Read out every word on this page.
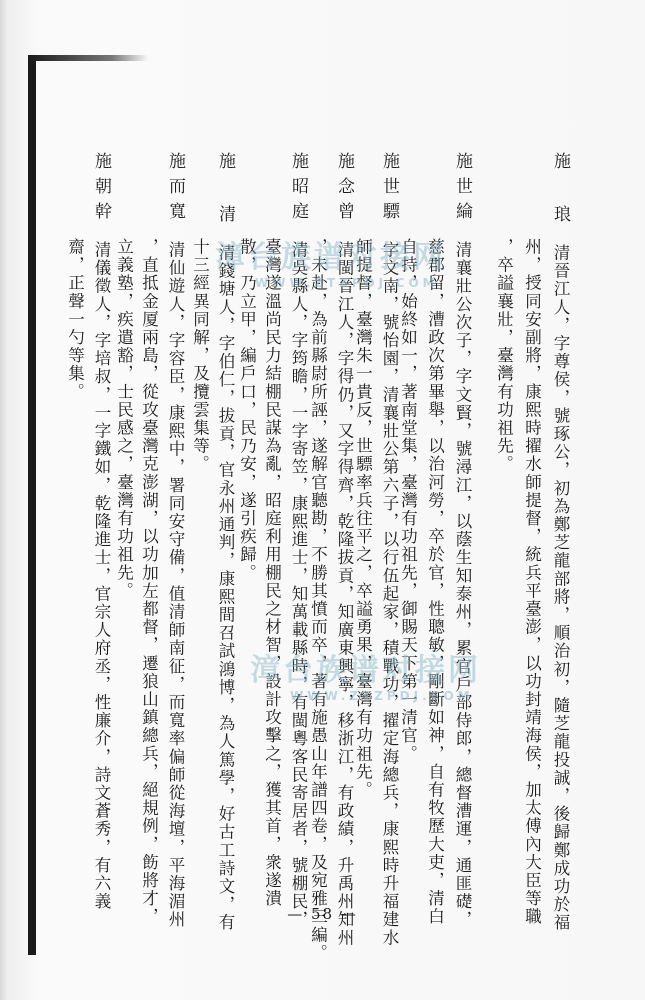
施 琅清晉江人，字尊侯，號琢公，初為鄭芝龍部將，順治初，隨芝龍投誠，後歸鄭成功於福
州，授同安副將，康熙時擢水師提督，統兵平臺澎，以功封靖海侯，加太傅內大臣等職
，卒謚襄壯，臺灣有功祖先。
施世綸清襄壯公次子，字文賢，號潯江，以蔭生知泰州，累官戶部侍郎，總督漕運，通匪礎，
慈郡留，漕政次第畢舉，以治河勞，卒於官，性聰敏，剛斷如神，自有牧歷大吏，清白
自持，始終如一，著南堂集，臺灣有功祖先，御賜天下第一清官。
施世驃字文南，號怡園，清襄壯公第六子，以行伍起家，積戰功，擢定海總兵，康熙時升福建水
師提督，臺灣朱一貴反，世驃率兵往平之，卒謚勇果，臺灣有功祖先。
施念曾清閩晉江人，字得仍，又字得齊，乾隆拔貢，知廣東興寧，移浙江，有政績，升禹州知州
，未赴，為前縣尉所誣，遂解官聽勘，不勝其憤而卒，著有施愚山年譜四卷，及宛雅三編。
施昭庭清吳縣人，字筠瞻，一字寄笠，康熙進士，知萬載縣時，有閩粵客民寄居者，號棚民，
臺灣遂溫尚民力結棚民謀為亂，昭庭利用棚民之材智，設計攻擊之，獲其首，衆遂潰
散，乃立甲，編戶口，民乃安，遂引疾歸。
施 清清錢塘人，字伯仁，拔貢，官永州通判，康熙間召試鴻博，為人篤學，好古工詩文，有
十三經異同解，及攬雲集等。
施而寬清仙遊人，字容臣，康熙中，署同安守備，值清師南征，而寬率偏師從海壇，平海湄州
，直抵金厦兩島，從攻臺灣克澎湖，以功加左都督，遷狼山鎮總兵，絕規例，飭將才，
立義塾，疾遣豁，士民感之，臺灣有功祖先。
施朝幹清儀徵人，字培叔，一字鐵如，乾隆進士，官宗人府丞，性廉介，詩文蒼秀，有六義
齋，正聲一勺等集。	漳台族谱对接网
WWW.ZTZPDJ.COM
漳台族谱对接网
WWW.ZTZPDJ.COM
— 58 —
